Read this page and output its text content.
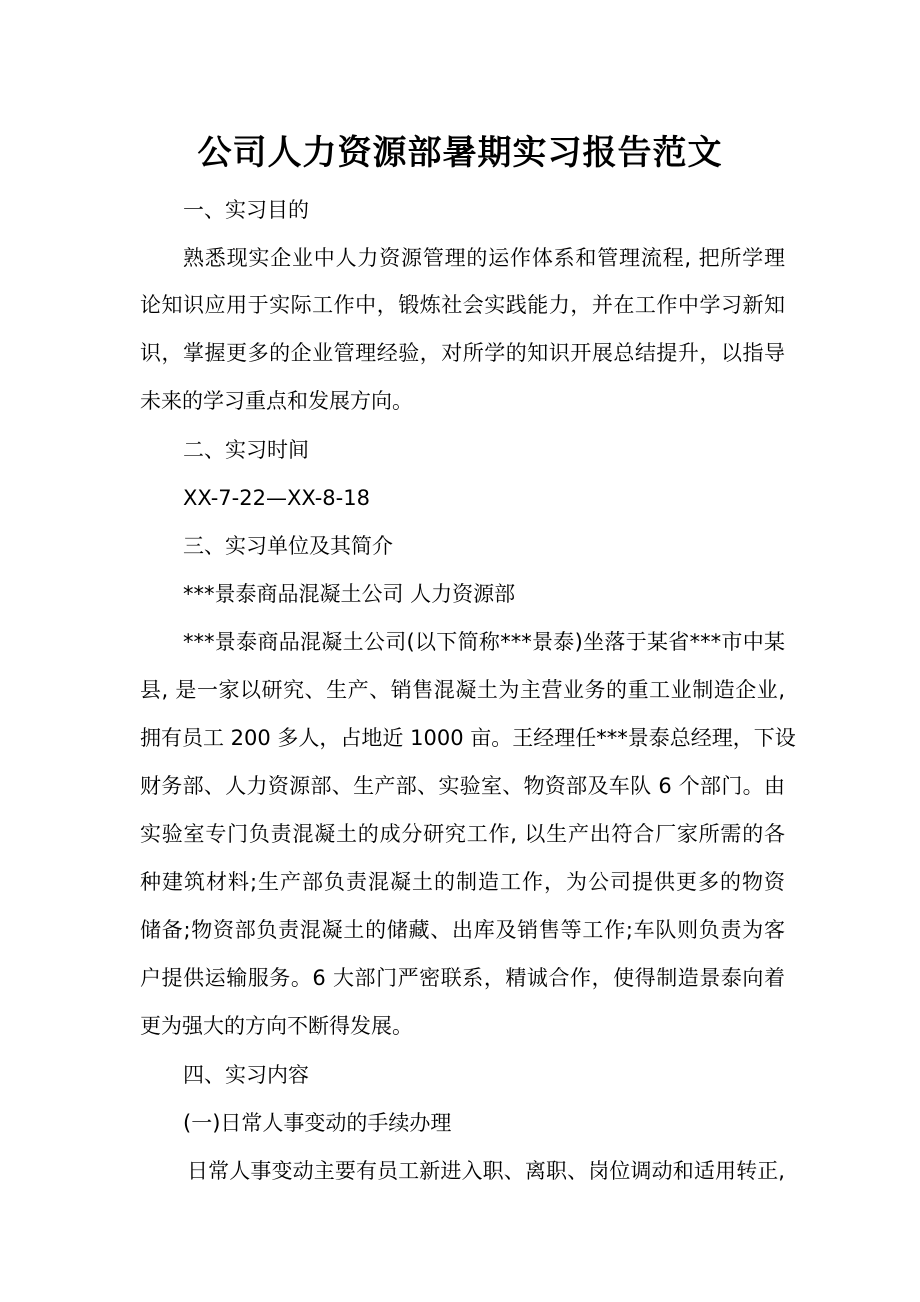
公司人力资源部暑期实习报告范文
一、实习目的
熟悉现实企业中人力资源管理的运作体系和管理流程, 把所学理
论知识应用于实际工作中，锻炼社会实践能力，并在工作中学习新知
识，掌握更多的企业管理经验，对所学的知识开展总结提升，以指导
未来的学习重点和发展方向。
二、实习时间
XX-7-22—XX-8-18
三、实习单位及其简介
***景泰商品混凝土公司 人力资源部
***景泰商品混凝土公司(以下简称***景泰)坐落于某省***市中某
县, 是一家以研究、生产、销售混凝土为主营业务的重工业制造企业,
拥有员工 200 多人，占地近 1000 亩。王经理任***景泰总经理，下设
财务部、人力资源部、生产部、实验室、物资部及车队 6 个部门。由
实验室专门负责混凝土的成分研究工作, 以生产出符合厂家所需的各
种建筑材料;生产部负责混凝土的制造工作，为公司提供更多的物资
储备;物资部负责混凝土的储藏、出库及销售等工作;车队则负责为客
户提供运输服务。6 大部门严密联系，精诚合作，使得制造景泰向着
更为强大的方向不断得发展。
四、实习内容
(一)日常人事变动的手续办理
日常人事变动主要有员工新进入职、离职、岗位调动和适用转正,
